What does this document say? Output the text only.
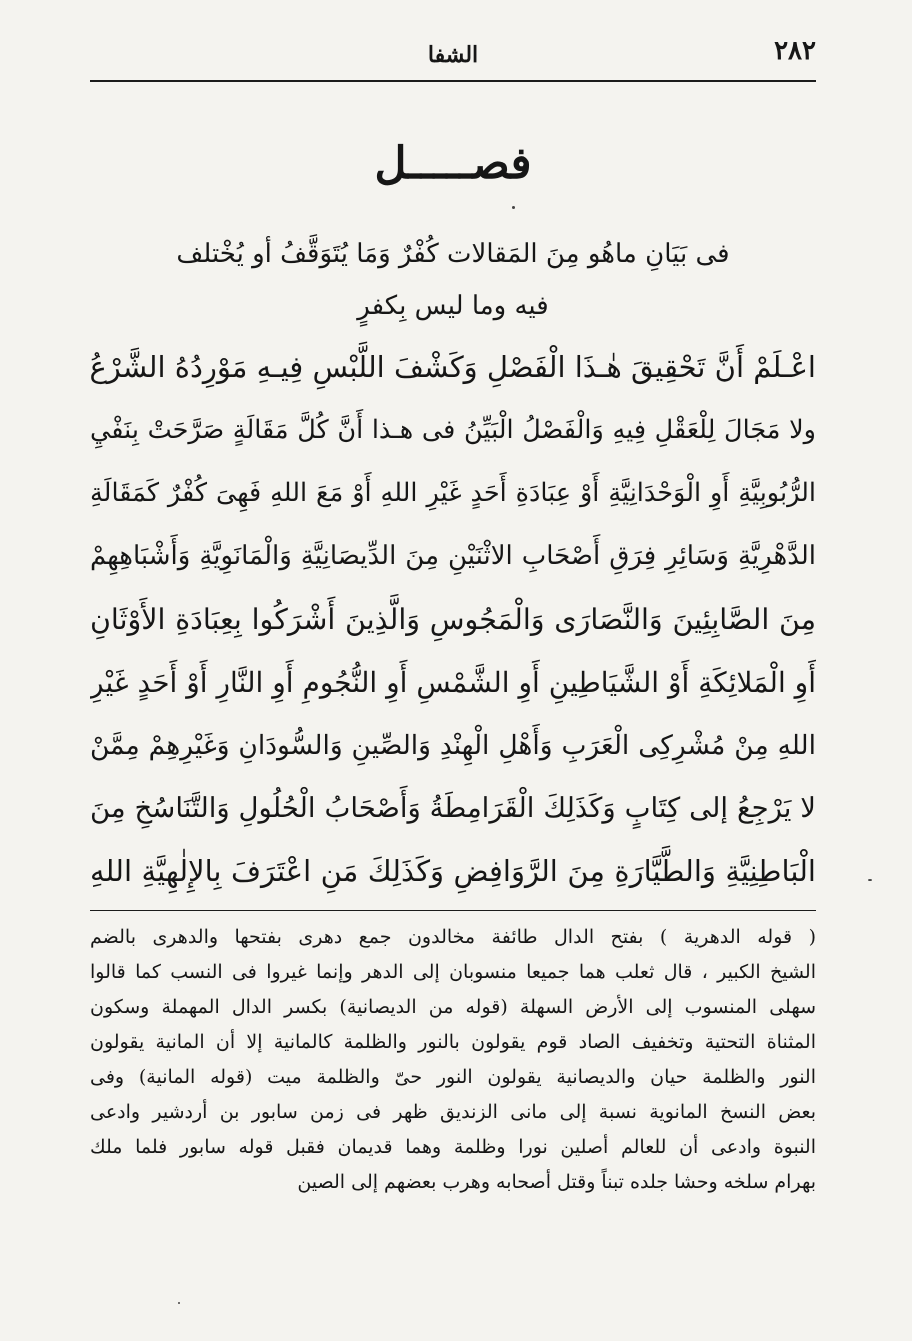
٢٨٢
الشفا
فصـــــل
فى بَيَانِ ماهُو مِنَ المَقالات كُفْرٌ وَمَا يُتَوَقَّفُ أو يُخْتلف
فيه وما ليس بِكفرٍ
اعْـلَمْ أَنَّ تَحْقِيقَ هٰـذَا الْفَصْلِ وَكَشْفَ اللَّبْسِ فِيـهِ مَوْرِدُهُ الشَّرْعُ
ولا مَجَالَ لِلْعَقْلِ فِيهِ وَالْفَصْلُ الْبَيِّنُ فى هـذا أَنَّ كُلَّ مَقَالَةٍ صَرَّحَتْ بِنَفْيِ
الرُّبُوبِيَّةِ أَوِ الْوَحْدَانِيَّةِ أَوْ عِبَادَةِ أَحَدٍ غَيْرِ اللهِ أَوْ مَعَ اللهِ فَهِىَ كُفْرٌ كَمَقَالَةِ
الدَّهْرِيَّةِ وَسَائِرِ فِرَقِ أَصْحَابِ الاثْنَيْنِ مِنَ الدِّيصَانِيَّةِ وَالْمَانَوِيَّةِ وَأَشْبَاهِهِمْ
مِنَ الصَّابِئِينَ وَالنَّصَارَى وَالْمَجُوسِ وَالَّذِينَ أَشْرَكُوا بِعِبَادَةِ الأَوْثَانِ
أَوِ الْمَلائِكَةِ أَوْ الشَّيَاطِينِ أَوِ الشَّمْسِ أَوِ النُّجُومِ أَوِ النَّارِ أَوْ أَحَدٍ غَيْرِ
اللهِ مِنْ مُشْرِكِى الْعَرَبِ وَأَهْلِ الْهِنْدِ وَالصِّينِ وَالسُّودَانِ وَغَيْرِهِمْ مِمَّنْ
لا يَرْجِعُ إلى كِتَابٍ وَكَذَلِكَ الْقَرَامِطَةُ وَأَصْحَابُ الْحُلُولِ وَالتَّنَاسُخِ مِنَ
الْبَاطِنِيَّةِ وَالطَّيَّارَةِ مِنَ الرَّوَافِضِ وَكَذَلِكَ مَنِ اعْتَرَفَ بِالإِلٰهِيَّةِ اللهِ
( قوله الدهرية ) بفتح الدال طائفة مخالدون جمع دهرى بفتحها والدهرى بالضم
الشيخ الكبير ، قال ثعلب هما جميعا منسوبان إلى الدهر وإنما غيروا فى النسب كما قالوا
سهلى المنسوب إلى الأرض السهلة (قوله من الديصانية) بكسر الدال المهملة وسكون
المثناة التحتية وتخفيف الصاد قوم يقولون بالنور والظلمة كالمانية إلا أن المانية يقولون
النور والظلمة حيان والديصانية يقولون النور حىّ والظلمة ميت (قوله المانية) وفى
بعض النسخ المانوية نسبة إلى مانى الزنديق ظهر فى زمن سابور بن أردشير وادعى
النبوة وادعى أن للعالم أصلين نورا وظلمة وهما قديمان فقبل قوله سابور فلما ملك
بهرام سلخه وحشا جلده تبناً وقتل أصحابه وهرب بعضهم إلى الصين
